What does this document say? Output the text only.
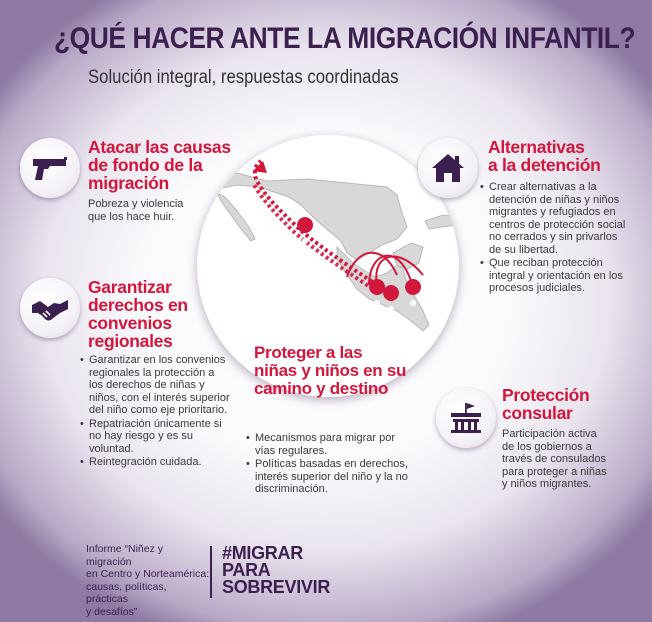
¿QUÉ HACER ANTE LA MIGRACIÓN INFANTIL?
Solución integral, respuestas coordinadas
Atacar las causas
de fondo de la
migración
Pobreza y violencia
que los hace huir.
Garantizar
derechos en
convenios
regionales
• Garantizar en los convenios regionales la protección a los derechos de niñas y niños, con el interés superior del niño como eje prioritario.
• Repatriación únicamente si no hay riesgo y es su voluntad.
• Reintegración cuidada.
Proteger a las
niñas y niños en su
camino y destino
• Mecanismos para migrar por vías regulares.
• Políticas basadas en derechos, interés superior del niño y la no discriminación.
Alternativas
a la detención
• Crear alternativas a la detención de niñas y niños migrantes y refugiados en centros de protección social no cerrados y sin privarlos de su libertad.
• Que reciban protección integral y orientación en los procesos judiciales.
Protección
consular
Participación activa
de los gobiernos a
través de consulados
para proteger a niñas
y niños migrantes.
Informe “Niñez y migración
en Centro y Norteamérica:
causas, políticas, prácticas
y desafíos”
#MIGRAR
PARA
SOBREVIVIR
